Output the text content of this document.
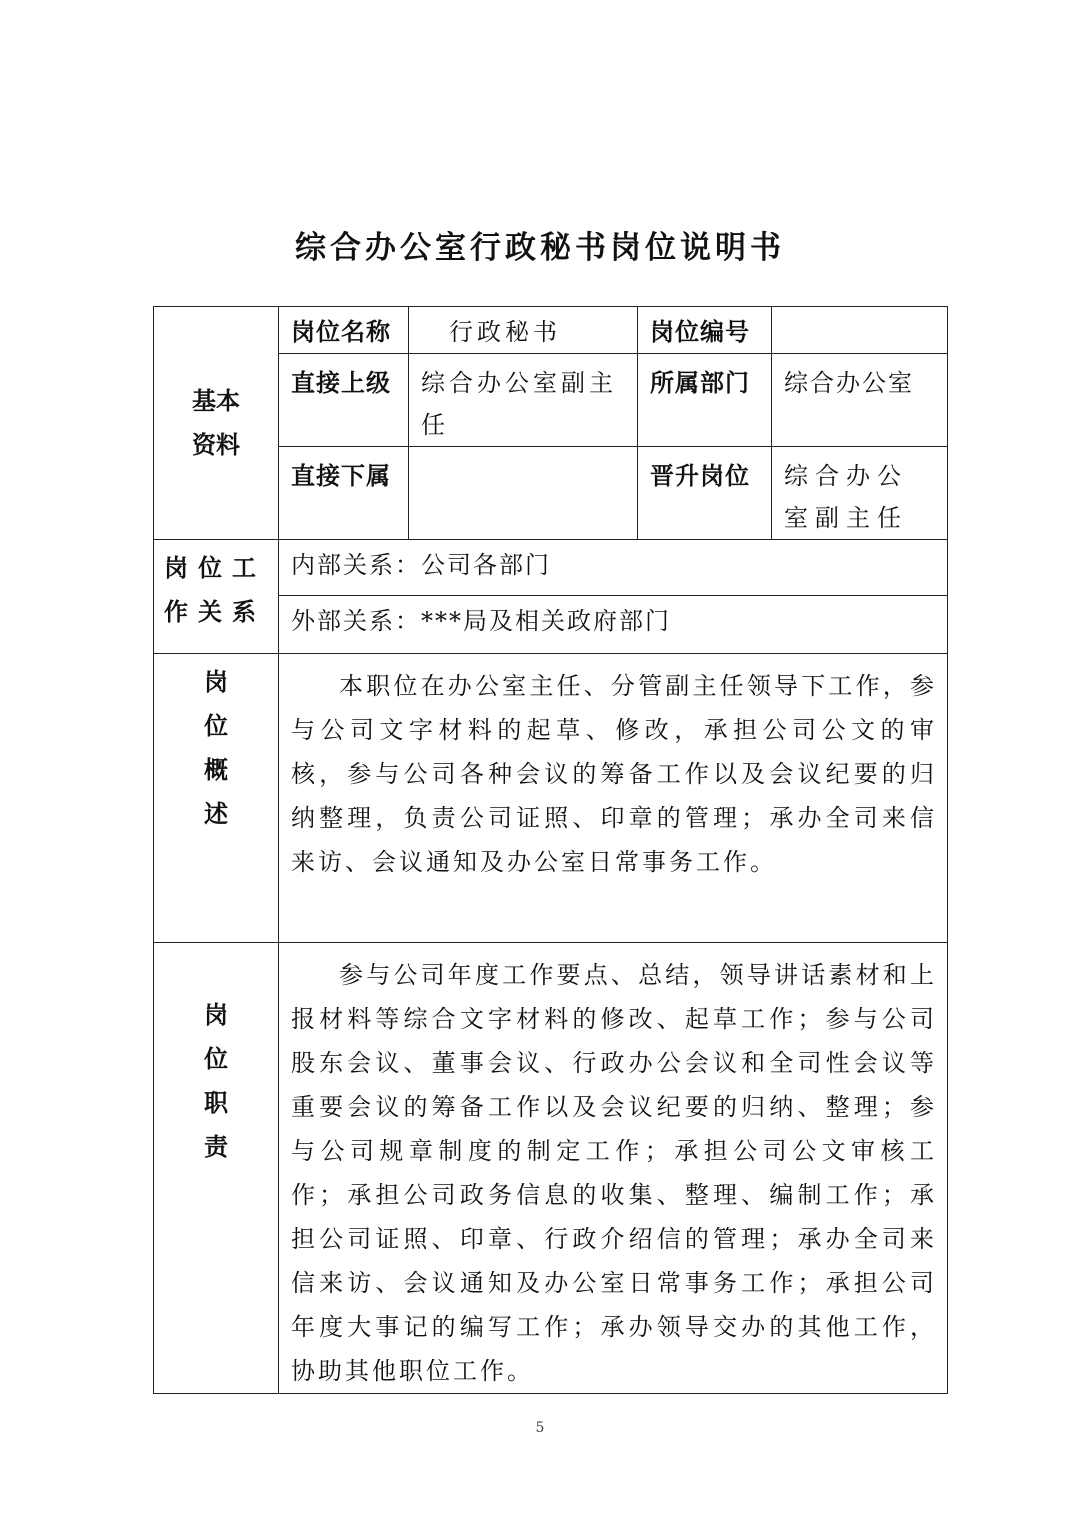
综合办公室行政秘书岗位说明书
基本资料	岗位名称	行政秘书	岗位编号	
	直接上级	综合办公室副主任	所属部门	综合办公室
	直接下属		晋升岗位	综合办公室副主任

岗位工作关系	内部关系：公司各部门			
	外部关系：***局及相关政府部门			

岗位概述	本职位在办公室主任、分管副主任领导下工作，参与公司文字材料的起草、修改，承担公司公文的审核，参与公司各种会议的筹备工作以及会议纪要的归纳整理，负责公司证照、印章的管理；承办全司来信来访、会议通知及办公室日常事务工作。			

岗位职责	参与公司年度工作要点、总结，领导讲话素材和上报材料等综合文字材料的修改、起草工作；参与公司股东会议、董事会议、行政办公会议和全司性会议等重要会议的筹备工作以及会议纪要的归纳、整理；参与公司规章制度的制定工作；承担公司公文审核工作；承担公司政务信息的收集、整理、编制工作；承担公司证照、印章、行政介绍信的管理；承办全司来信来访、会议通知及办公室日常事务工作；承担公司年度大事记的编写工作；承办领导交办的其他工作，协助其他职位工作。			
5
